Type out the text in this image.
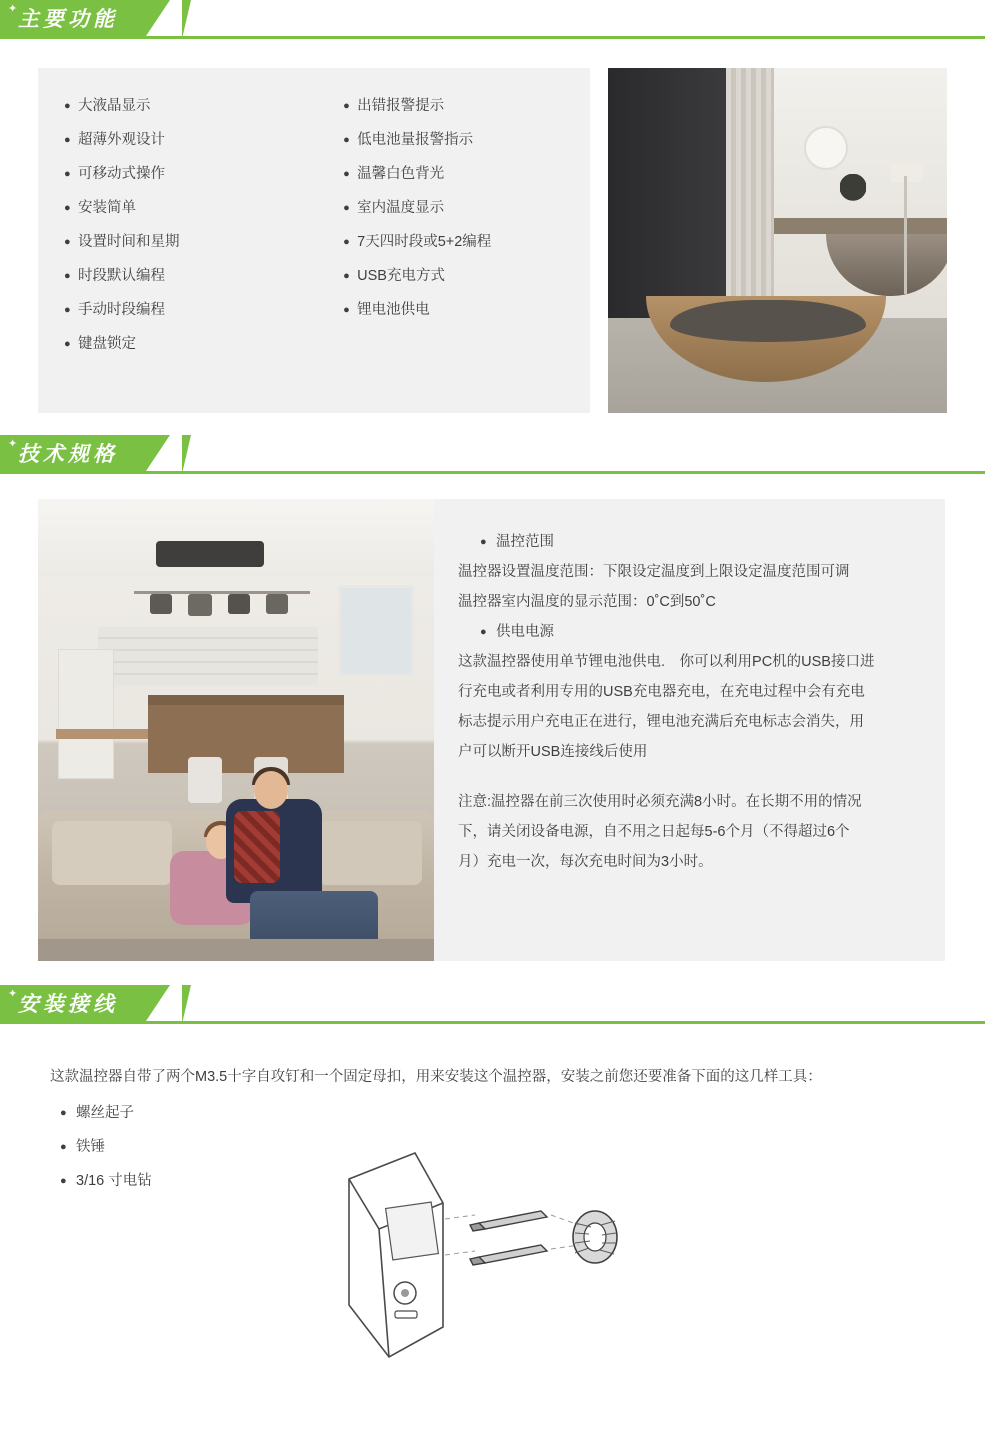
✦ 主要功能
● 大液晶显示
● 超薄外观设计
● 可移动式操作
● 安装简单
● 设置时间和星期
● 时段默认编程
● 手动时段编程
● 键盘锁定
● 出错报警提示
● 低电池量报警指示
● 温馨白色背光
● 室内温度显示
● 7天四时段或5+2编程
● USB充电方式
● 锂电池供电
✦ 技术规格
● 温控范围

温控器设置温度范围：下限设定温度到上限设定温度范围可调

温控器室内温度的显示范围：0˚C到50˚C

● 供电电源

这款温控器使用单节锂电池供电.　你可以利用PC机的USB接口进

行充电或者利用专用的USB充电器充电，在充电过程中会有充电

标志提示用户充电正在进行，锂电池充满后充电标志会消失，用

户可以断开USB连接线后使用

注意:温控器在前三次使用时必须充满8小时。在长期不用的情况

下，请关闭设备电源，自不用之日起每5-6个月（不得超过6个

月）充电一次，每次充电时间为3小时。

✦ 安装接线
这款温控器自带了两个M3.5十字自攻钉和一个固定母扣，用来安装这个温控器，安装之前您还要准备下面的这几样工具：
● 螺丝起子
● 铁锤
● 3/16 寸电钻
